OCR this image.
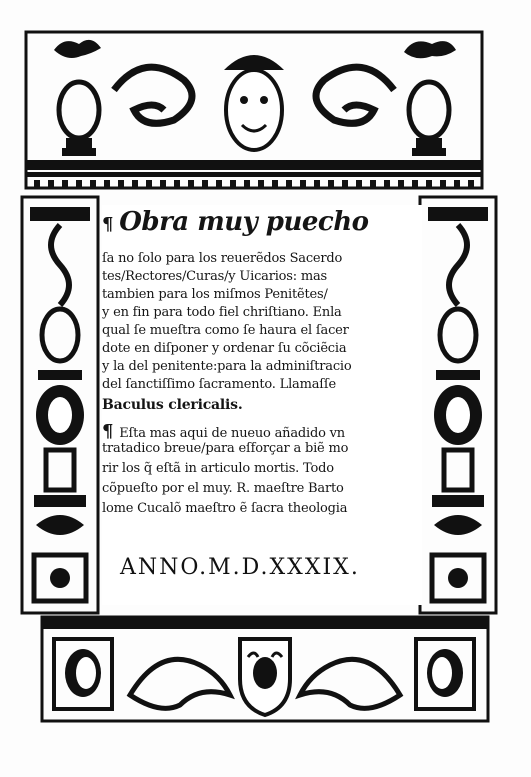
¶ Obra muy puecho
ſa no ſolo para los reuerẽdos Sacerdo
tes/Rectores/Curas/y Uicarios: mas
tambien para los miſmos Penitẽtes/
y en fin para todo fiel chriſtiano. Enla
qual ſe mueſtra como ſe haura el ſacer
dote en diſponer y ordenar ſu cõciẽcia
y la del penitente:para la adminiſtracio
del ſanctiſſimo ſacramento. Llamaſſe
Baculus clericalis.
¶ Eſta mas aqui de nueuo añadido vn
tratadico breue/para eſforçar a biẽ mo
rir los q̃ eſtã in articulo mortis. Todo
cõpueſto por el muy. R. maeſtre Barto
lome Cucalõ maeſtro ẽ ſacra theologia
ANNO.M.D.XXXIX.
